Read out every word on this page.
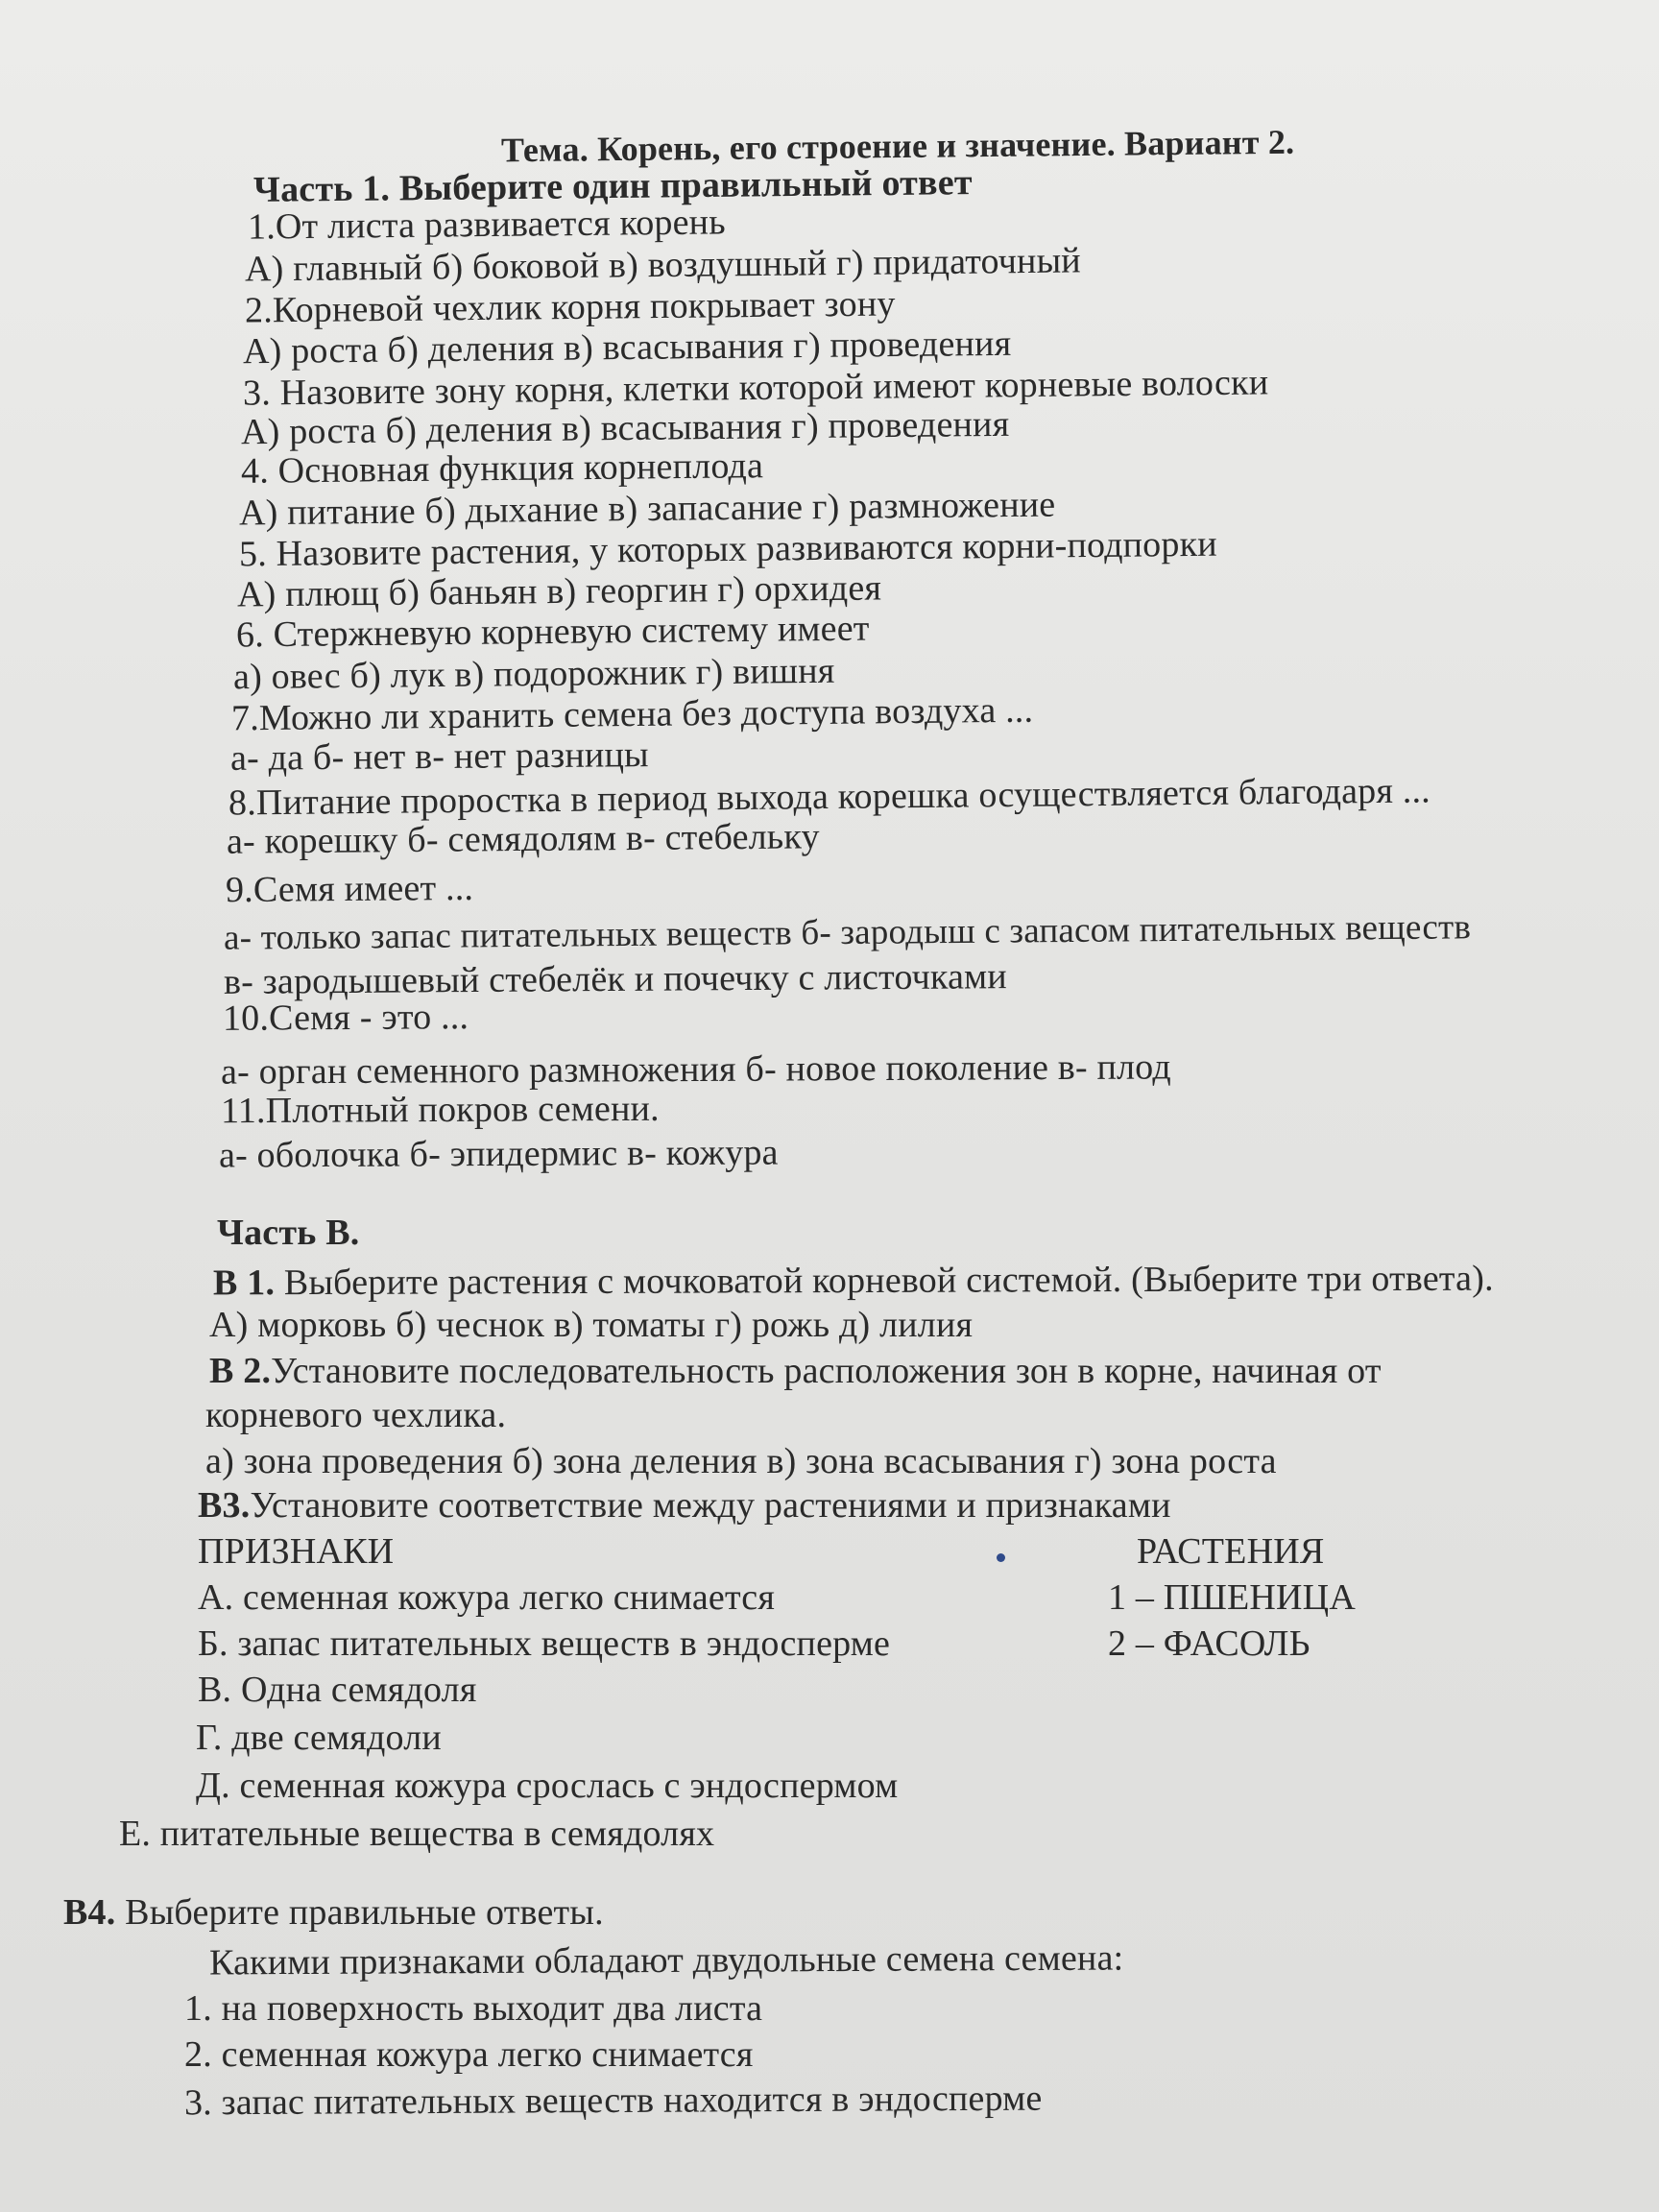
Тема. Корень, его строение и значение. Вариант 2.
Часть 1. Выберите один правильный ответ
1.От листа развивается корень
А) главный б) боковой в) воздушный г) придаточный
2.Корневой чехлик корня покрывает зону
А) роста б) деления в) всасывания г) проведения
3. Назовите зону корня, клетки которой имеют корневые волоски
А) роста б) деления в) всасывания г) проведения
4. Основная функция корнеплода
А) питание б) дыхание в) запасание г) размножение
5. Назовите растения, у которых развиваются корни-подпорки
А) плющ б) баньян в) георгин г) орхидея
6. Стержневую корневую систему имеет
а) овес б) лук в) подорожник г) вишня
7.Можно ли хранить семена без доступа воздуха ...
а- да б- нет в- нет разницы
8.Питание проростка в период выхода корешка осуществляется благодаря ...
а- корешку б- семядолям в- стебельку
9.Семя имеет ...
а- только запас питательных веществ б- зародыш с запасом питательных веществ
в- зародышевый стебелёк и почечку с листочками
10.Семя - это ...
а- орган семенного размножения б- новое поколение в- плод
11.Плотный покров семени.
а- оболочка б- эпидермис в- кожура
Часть В.
В 1. Выберите растения с мочковатой корневой системой. (Выберите три ответа).
А) морковь б) чеснок в) томаты г) рожь д) лилия
В 2.Установите последовательность расположения зон в корне, начиная от
корневого чехлика.
а) зона проведения б) зона деления в) зона всасывания г) зона роста
В3.Установите соответствие между растениями и признаками
ПРИЗНАКИ	РАСТЕНИЯ
А. семенная кожура легко снимается	1 – ПШЕНИЦА
Б. запас питательных веществ в эндосперме	2 – ФАСОЛЬ
В. Одна семядоля
Г. две семядоли
Д. семенная кожура срослась с эндоспермом
Е. питательные вещества в семядолях
В4. Выберите правильные ответы.
Какими признаками обладают двудольные семена семена:
1. на поверхность выходит два листа
2. семенная кожура легко снимается
3. запас питательных веществ находится в эндосперме
